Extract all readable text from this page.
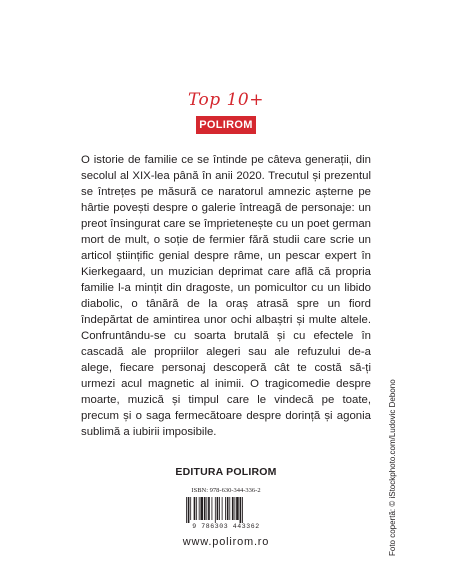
Top 10+
POLIROM

O istorie de familie ce se întinde pe câteva generații, din secolul al XIX-lea până în anii 2020. Trecutul și prezentul se întrețes pe măsură ce naratorul amnezic așterne pe hârtie povești despre o galerie întreagă de personaje: un preot însingurat care se împrietenește cu un poet german mort de mult, o soție de fermier fără studii care scrie un articol științific genial despre râme, un pescar expert în Kierkegaard, un muzician deprimat care află că propria familie l-a mințit din dragoste, un pomicultor cu un libido diabolic, o tânără de la oraș atrasă spre un fiord îndepărtat de amintirea unor ochi albaștri și multe altele. Confruntându-se cu soarta brutală și cu efectele în cascadă ale propriilor alegeri sau ale refuzului de-a alege, fiecare personaj descoperă cât te costă să-ți urmezi acul magnetic al inimii. O tragicomedie despre moarte, muzică și timpul care le vindecă pe toate, precum și o saga fermecătoare despre dorință și agonia sublimă a iubirii imposibile.

EDITURA POLIROM
ISBN: 978-630-344-336-2
9 786303 443362
www.polirom.ro	Foto copertă: © iStockphoto.com/Ludovic Debono
